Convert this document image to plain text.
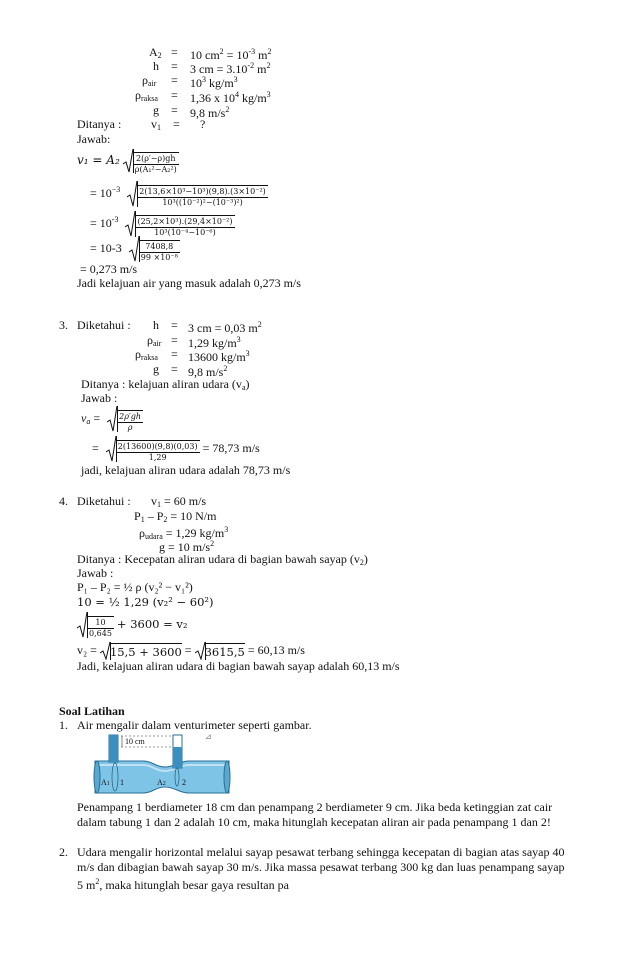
$A_2 = 10$ $cm^2 = 10^{-3}$ $m^2$
h = 3 cm = $3.10^{-2}$ $m^2$
$\rho_{air} = 10^3$ $kg/m^3$
$\rho_{raksa} = 1,36$ x $10^4$ $kg/m^3$
g = 9,8 $m/s^2$
Ditanya : $v_1$ = ?
Jawab:
$v_1 = A_2 \frac{2(\rho'-\rho)gh}{\text{ρ(A₁²−A₂²)}}$
= $10^{-3} \frac{\text{2(13,6×10³−10³)(9,8).(3×10⁻²)}}{\text{10³((10⁻²)²−(10⁻³)²)}}$
= $10^{-3} \frac{\text{(25,2×10³).(29,4×10⁻²)}}{\text{10³(10⁻⁴−10⁻⁶)}}$
= $10-3 \frac{7408,8}{\text{99 ×10⁻⁸}}$
= 0,273 m/s
Jadi kelajuan air yang masuk adalah 0,273 m/s
3. Diketahui : h = 3 cm = 0,03 $m^2$
$\rho_{air} = 1,29$ $kg/m^3$
$\rho_{raksa} = 13600$ $kg/m^3$
g = 9,8 $m/s^2$
Ditanya : kelajuan aliran udara $(v_a)$
Jawab :
$v_a = \frac{2\rho'gh}{\rho}$
= $\frac{2(13600)(9,8)(0,03)}{1,29} = 78,73$ m/s
jadi, kelajuan aliran udara adalah 78,73 m/s
4. Diketahui : $v_1 = 60$ m/s
$P_1 - P_2 = 10$ N/m
$\rho_{udara} = 1,29$ $kg/m^3$
g = 10 $m/s^2$
Ditanya : Kecepatan aliran udara di bagian bawah sayap $(v_2)$
Jawab :
P₁ – P₂ = ½ ρ (v₂² − v₁²)
10 = ½ 1,29 (v₂² − 60²)
$\frac{10}{0,645} + 3600 = v_2$
v₂ = 15,5 + 3600 =
3615,5 = 60,13 m/s
Jadi, kelajuan aliran udara di bagian bawah sayap adalah 60,13 m/s
Soal Latihan
1. Air mengalir dalam venturimeter seperti gambar.
10 cm
A1 1	A2 2
⊿
Penampang 1 berdiameter 18 cm dan penampang 2 berdiameter 9 cm. Jika beda ketinggian zat cair
dalam tabung 1 dan 2 adalah 10 cm, maka hitunglah kecepatan aliran air pada penampang 1 dan 2!
2. Udara mengalir horizontal melalui sayap pesawat terbang sehingga kecepatan di bagian atas sayap 40
m/s dan dibagian bawah sayap 30 m/s. Jika massa pesawat terbang 300 kg dan luas penampang sayap
5 $m^2$, maka hitunglah besar gaya resultan pa
